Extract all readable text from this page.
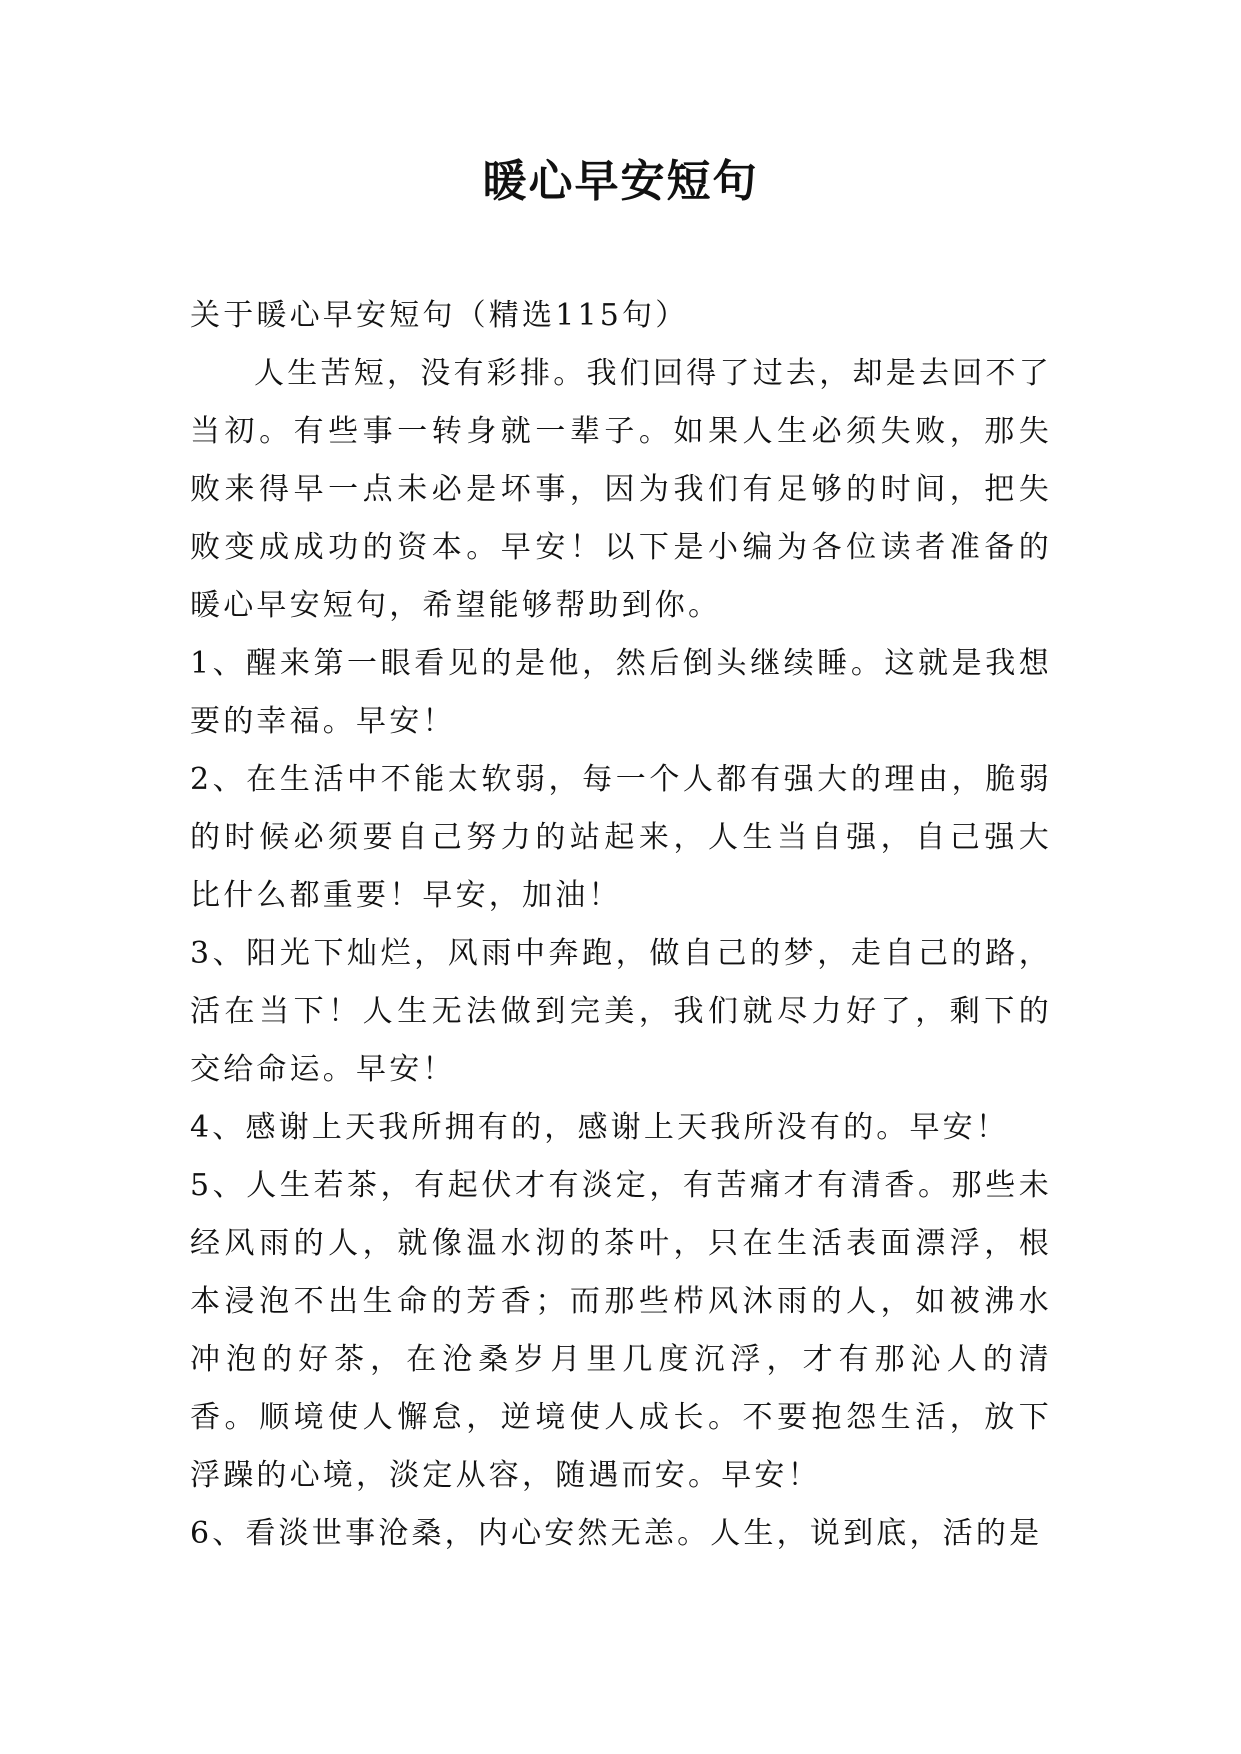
暖心早安短句

关于暖心早安短句（精选115句）

人生苦短，没有彩排。我们回得了过去，却是去回不了当初。有些事一转身就一辈子。如果人生必须失败，那失败来得早一点未必是坏事，因为我们有足够的时间，把失败变成成功的资本。早安！以下是小编为各位读者准备的暖心早安短句，希望能够帮助到你。

1、醒来第一眼看见的是他，然后倒头继续睡。这就是我想要的幸福。早安！

2、在生活中不能太软弱，每一个人都有强大的理由，脆弱的时候必须要自己努力的站起来，人生当自强，自己强大比什么都重要！早安，加油！

3、阳光下灿烂，风雨中奔跑，做自己的梦，走自己的路，活在当下！人生无法做到完美，我们就尽力好了，剩下的交给命运。早安！

4、感谢上天我所拥有的，感谢上天我所没有的。早安！

5、人生若茶，有起伏才有淡定，有苦痛才有清香。那些未经风雨的人，就像温水沏的茶叶，只在生活表面漂浮，根本浸泡不出生命的芳香；而那些栉风沐雨的人，如被沸水冲泡的好茶，在沧桑岁月里几度沉浮，才有那沁人的清香。顺境使人懈怠，逆境使人成长。不要抱怨生活，放下浮躁的心境，淡定从容，随遇而安。早安！

6、看淡世事沧桑，内心安然无恙。人生，说到底，活的是
